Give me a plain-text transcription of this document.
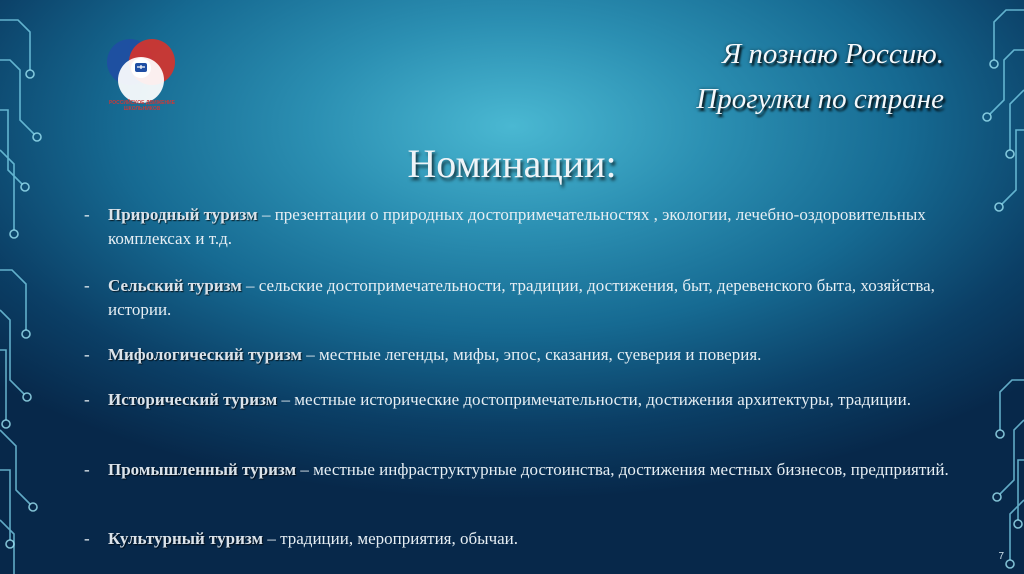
РОССИЙСКОЕ ДВИЖЕНИЕ ШКОЛЬНИКОВ
Я познаю Россию.
Прогулки по стране
Номинации:
- Природный туризм – презентации о природных достопримечательностях , экологии, лечебно-оздоровительных комплексах и т.д.
- Сельский туризм – сельские достопримечательности, традиции, достижения, быт, деревенского быта, хозяйства, истории.
- Мифологический туризм – местные легенды, мифы, эпос, сказания, суеверия и поверия.
- Исторический туризм – местные исторические достопримечательности, достижения архитектуры, традиции.
- Промышленный туризм – местные инфраструктурные достоинства, достижения местных бизнесов, предприятий.
- Культурный туризм – традиции, мероприятия, обычаи.
7
